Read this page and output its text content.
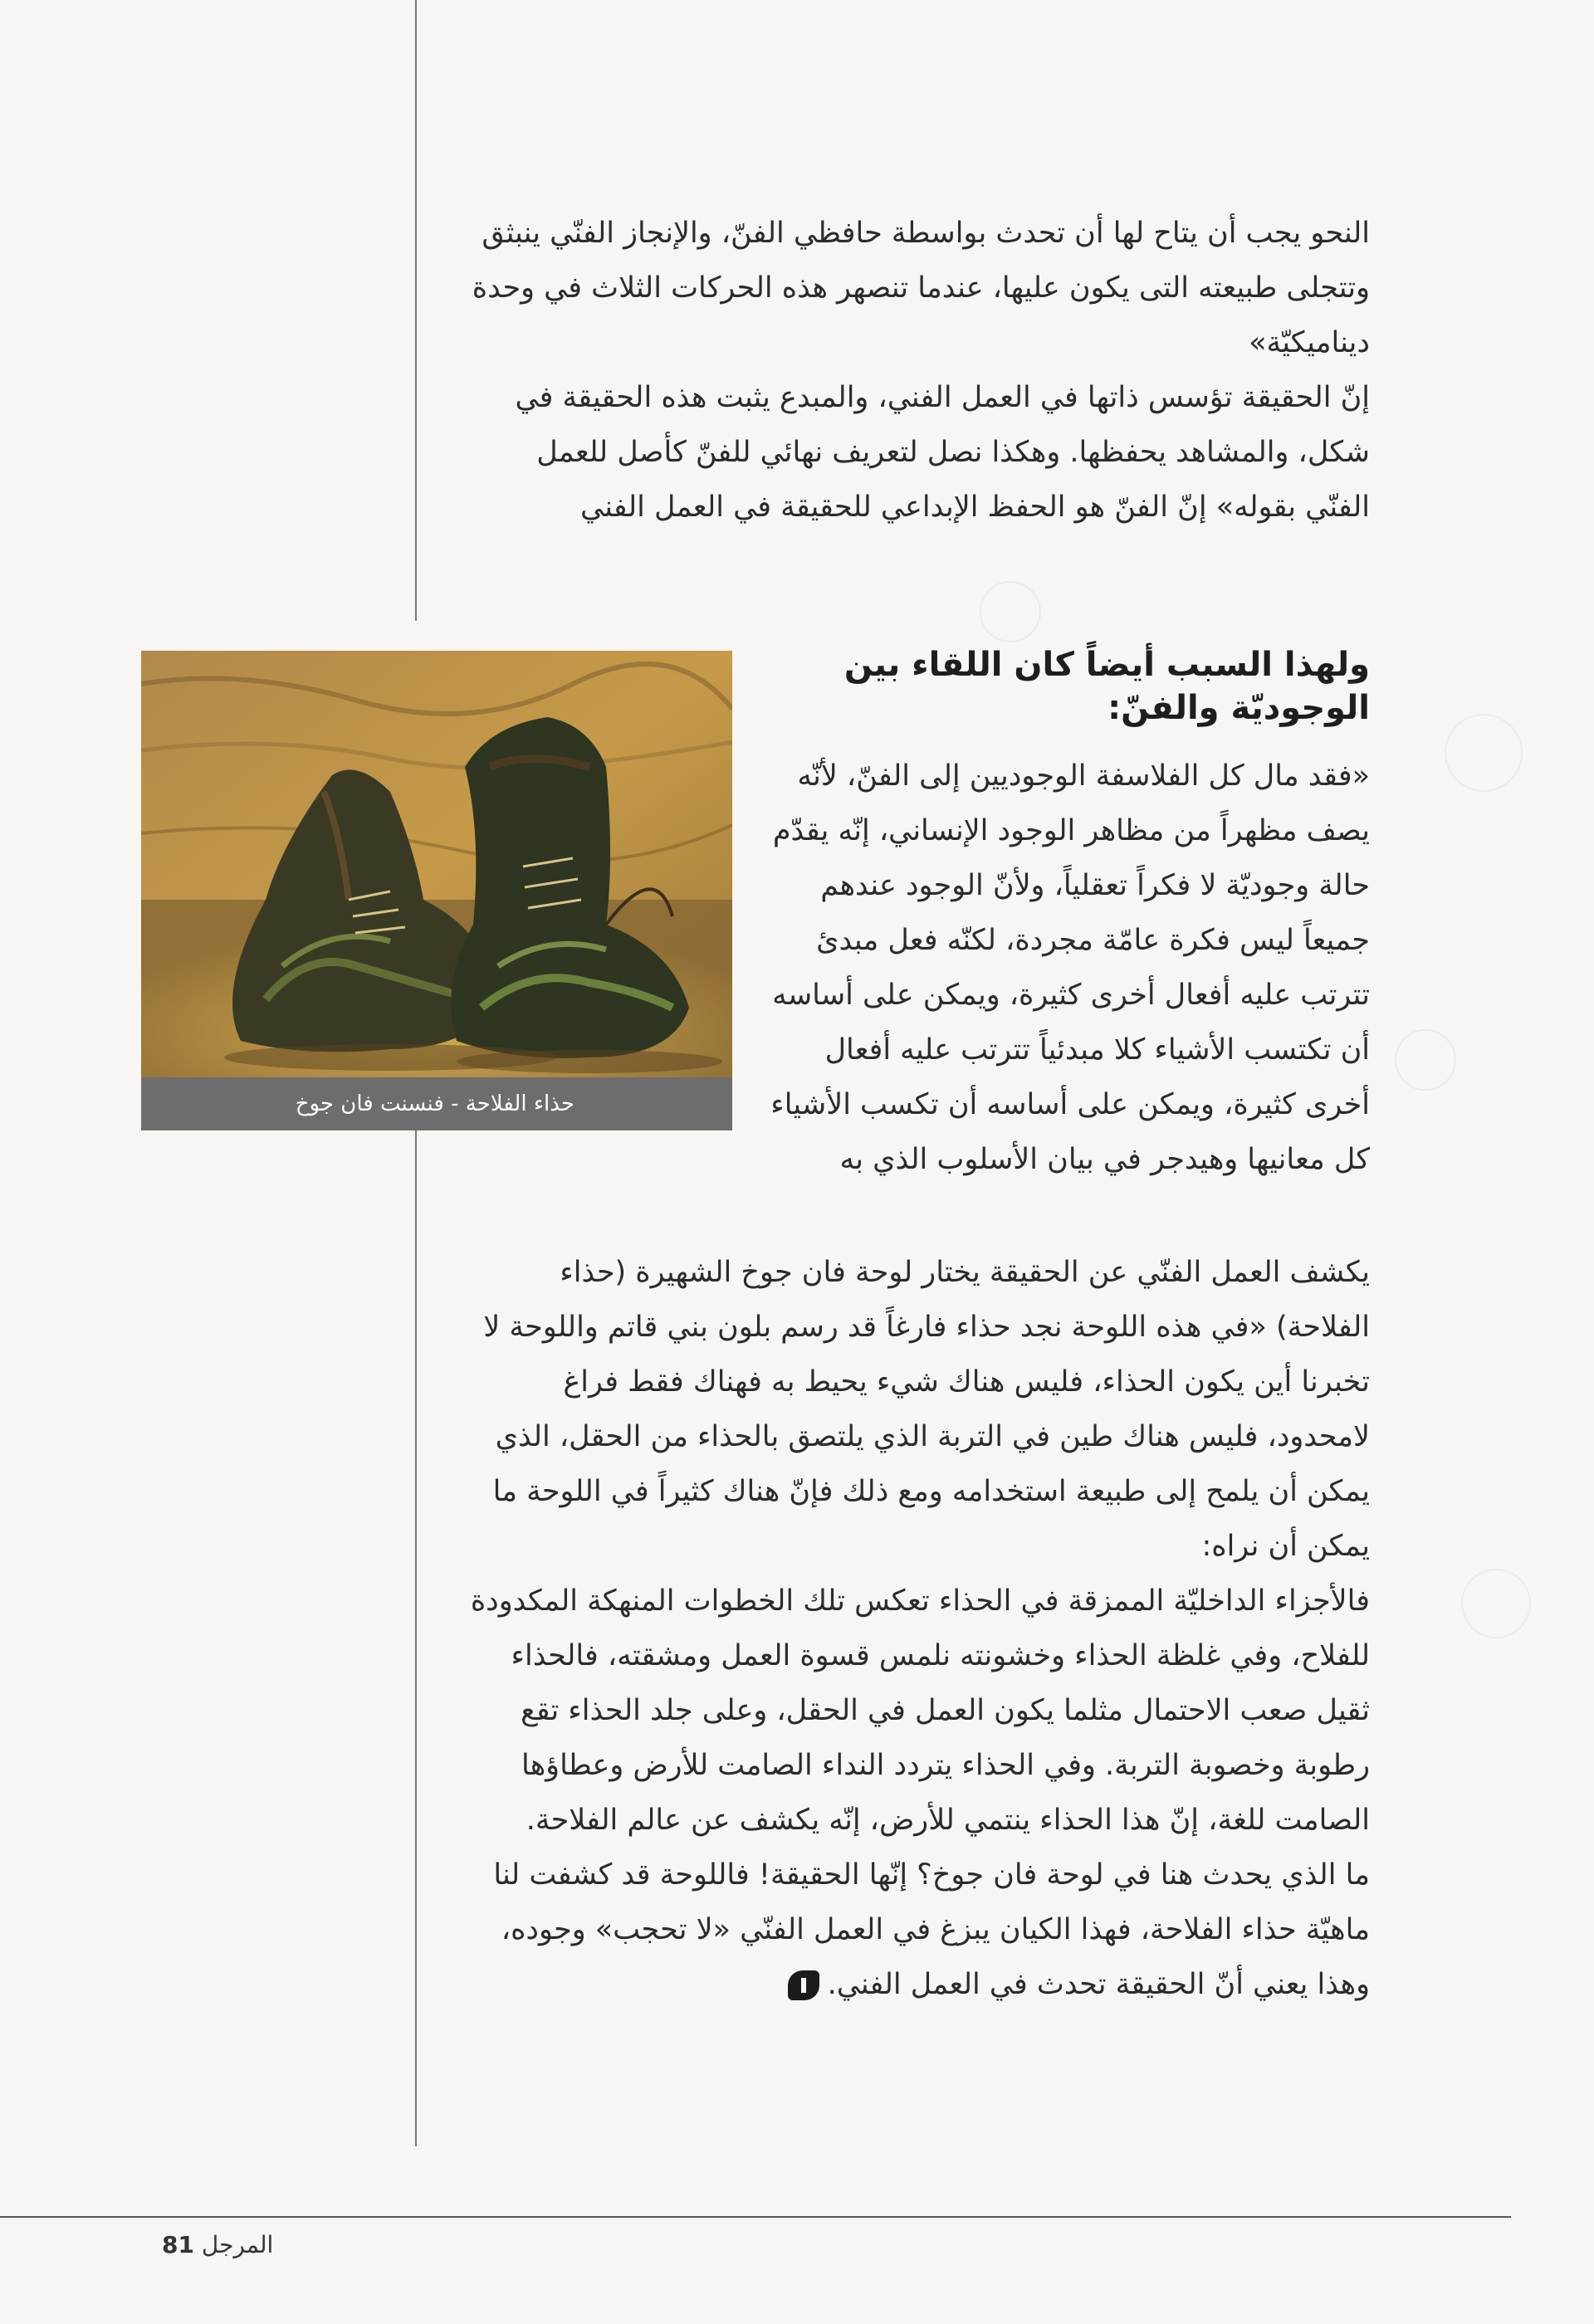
النحو يجب أن يتاح لها أن تحدث بواسطة حافظي الفنّ، والإنجاز الفنّي ينبثق وتتجلى طبيعته التى يكون عليها، عندما تنصهر هذه الحركات الثلاث في وحدة ديناميكيّة»

إنّ الحقيقة تؤسس ذاتها في العمل الفني، والمبدع يثبت هذه الحقيقة في شكل، والمشاهد يحفظها. وهكذا نصل لتعريف نهائي للفنّ كأصل للعمل الفنّي بقوله» إنّ الفنّ هو الحفظ الإبداعي للحقيقة في العمل الفني

ولهذا السبب أيضاً كان اللقاء بين الوجوديّة والفنّ:

«فقد مال كل الفلاسفة الوجوديين إلى الفنّ، لأنّه يصف مظهراً من مظاهر الوجود الإنساني، إنّه يقدّم حالة وجوديّة لا فكراً تعقلياً، ولأنّ الوجود عندهم جميعاً ليس فكرة عامّة مجردة، لكنّه فعل مبدئ تترتب عليه أفعال أخرى كثيرة، ويمكن على أساسه أن تكتسب الأشياء كلا مبدئياً تترتب عليه أفعال أخرى كثيرة، ويمكن على أساسه أن تكسب الأشياء كل معانيها وهيدجر في بيان الأسلوب الذي به

يكشف العمل الفنّي عن الحقيقة يختار لوحة فان جوخ الشهيرة (حذاء الفلاحة) «في هذه اللوحة نجد حذاء فارغاً قد رسم بلون بني قاتم واللوحة لا تخبرنا أين يكون الحذاء، فليس هناك شيء يحيط به فهناك فقط فراغ لامحدود، فليس هناك طين في التربة الذي يلتصق بالحذاء من الحقل، الذي يمكن أن يلمح إلى طبيعة استخدامه ومع ذلك فإنّ هناك كثيراً في اللوحة ما يمكن أن نراه:

فالأجزاء الداخليّة الممزقة في الحذاء تعكس تلك الخطوات المنهكة المكدودة للفلاح، وفي غلظة الحذاء وخشونته نلمس قسوة العمل ومشقته، فالحذاء ثقيل صعب الاحتمال مثلما يكون العمل في الحقل، وعلى جلد الحذاء تقع رطوبة وخصوبة التربة. وفي الحذاء يتردد النداء الصامت للأرض وعطاؤها الصامت للغة، إنّ هذا الحذاء ينتمي للأرض، إنّه يكشف عن عالم الفلاحة.

ما الذي يحدث هنا في لوحة فان جوخ؟ إنّها الحقيقة! فاللوحة قد كشفت لنا ماهيّة حذاء الفلاحة، فهذا الكيان يبزغ في العمل الفنّي «لا تحجب» وجوده، وهذا يعني أنّ الحقيقة تحدث في العمل الفني.

حذاء الفلاحة - فنسنت فان جوخ
المرجل 81
